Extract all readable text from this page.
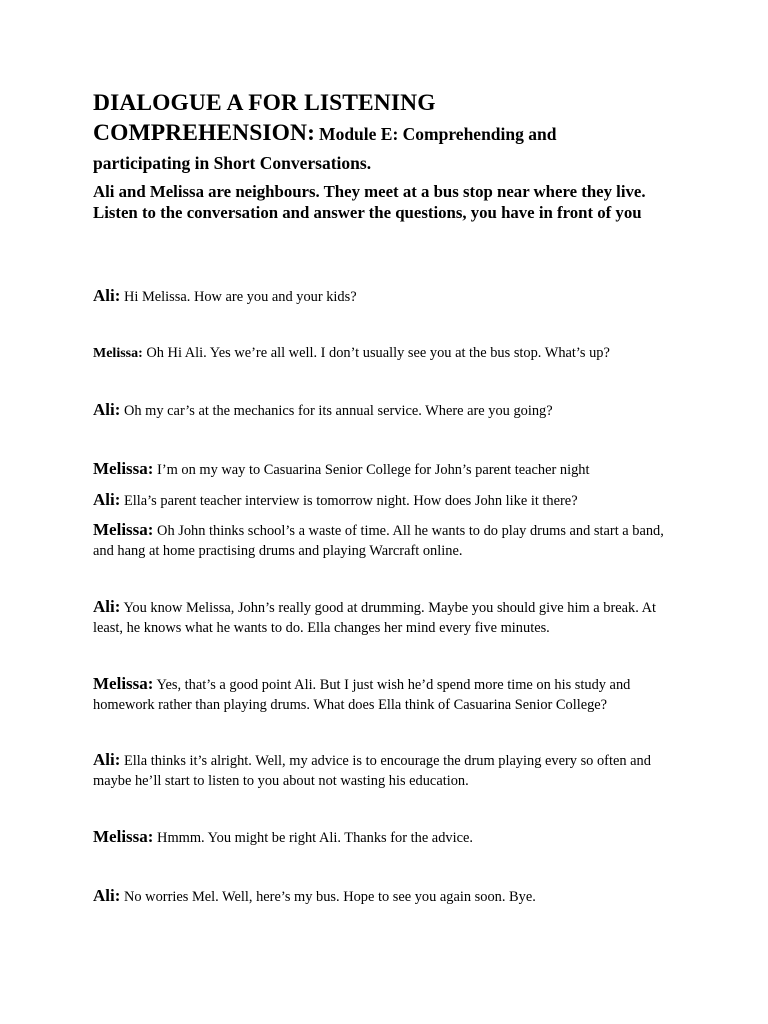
DIALOGUE A FOR LISTENING
COMPREHENSION: Module E: Comprehending and
participating in Short Conversations.
Ali and Melissa are neighbours. They meet at a bus stop near where they live. Listen to the conversation and answer the questions, you have in front of you
Ali: Hi Melissa. How are you and your kids?
Melissa: Oh Hi Ali. Yes we’re all well. I don’t usually see you at the bus stop. What’s up?
Ali: Oh my car’s at the mechanics for its annual service. Where are you going?
Melissa: I’m on my way to Casuarina Senior College for John’s parent teacher night
Ali: Ella’s parent teacher interview is tomorrow night. How does John like it there?
Melissa: Oh John thinks school’s a waste of time. All he wants to do play drums and start a band, and hang at home practising drums and playing Warcraft online.
Ali: You know Melissa, John’s really good at drumming. Maybe you should give him a break. At least, he knows what he wants to do. Ella changes her mind every five minutes.
Melissa: Yes, that’s a good point Ali. But I just wish he’d spend more time on his study and homework rather than playing drums. What does Ella think of Casuarina Senior College?
Ali: Ella thinks it’s alright. Well, my advice is to encourage the drum playing every so often and maybe he’ll start to listen to you about not wasting his education.
Melissa: Hmmm. You might be right Ali. Thanks for the advice.
Ali: No worries Mel. Well, here’s my bus. Hope to see you again soon. Bye.
